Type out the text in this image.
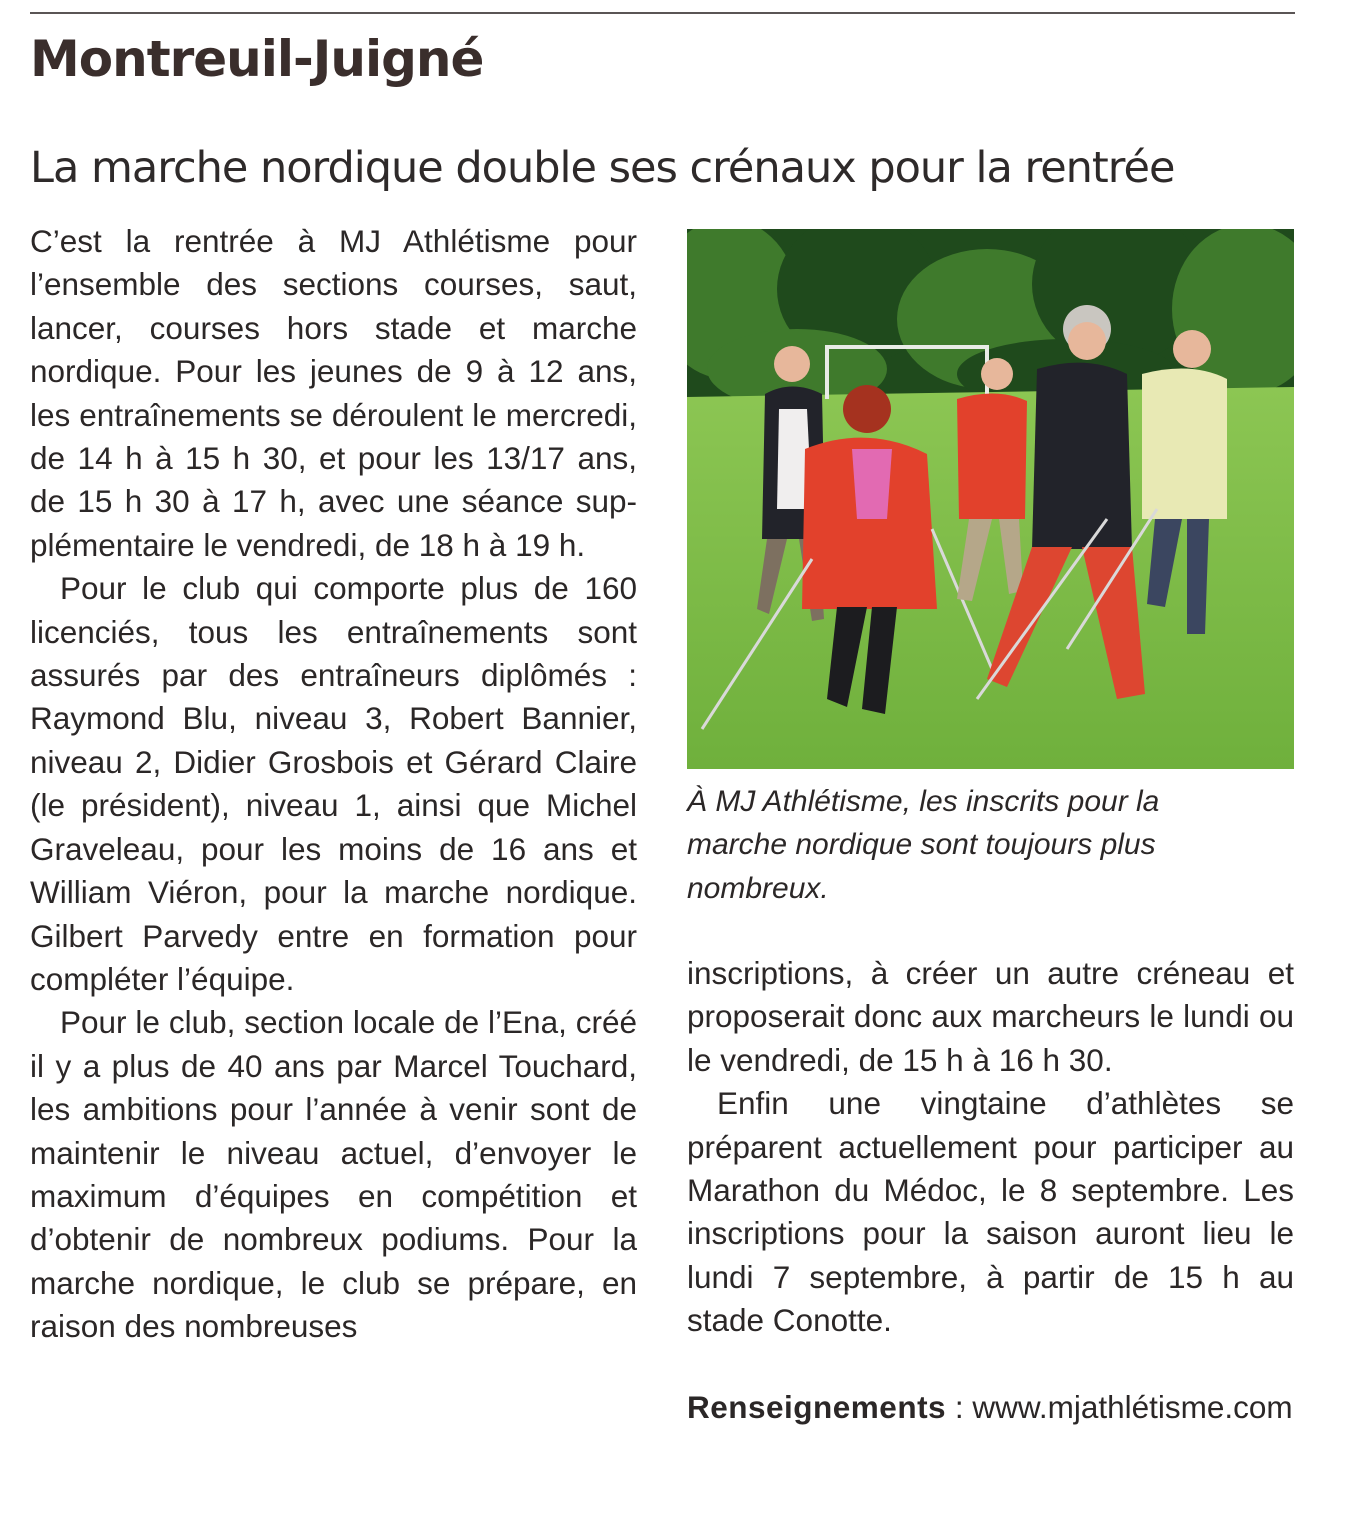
Montreuil-Juigné
La marche nordique double ses crénaux pour la rentrée

C’est la rentrée à MJ Athlétisme pour l’ensemble des sections courses, saut, lancer, courses hors stade et marche nordique. Pour les jeunes de 9 à 12 ans, les entraînements se déroulent le mercredi, de 14 h à 15 h 30, et pour les 13/17 ans, de 15 h 30 à 17 h, avec une séance supplémentaire le vendredi, de 18 h à 19 h.

Pour le club qui comporte plus de 160 licenciés, tous les entraînements sont assurés par des entraîneurs diplômés : Raymond Blu, niveau 3, Robert Bannier, niveau 2, Didier Grosbois et Gérard Claire (le président), niveau 1, ainsi que Michel Graveleau, pour les moins de 16 ans et William Viéron, pour la marche nordique. Gilbert Parvedy entre en formation pour compléter l’équipe.

Pour le club, section locale de l’Ena, créé il y a plus de 40 ans par Marcel Touchard, les ambitions pour l’année à venir sont de maintenir le niveau actuel, d’envoyer le maximum d’équipes en compétition et d’obtenir de nombreux podiums. Pour la marche nordique, le club se prépare, en raison des nombreuses

À MJ Athlétisme, les inscrits pour la marche nordique sont toujours plus nombreux.

inscriptions, à créer un autre créneau et proposerait donc aux marcheurs le lundi ou le vendredi, de 15 h à 16 h 30.

Enfin une vingtaine d’athlètes se préparent actuellement pour participer au Marathon du Médoc, le 8 septembre. Les inscriptions pour la saison auront lieu le lundi 7 septembre, à partir de 15 h au stade Conotte.

Renseignements : www.mjathlétisme.com
